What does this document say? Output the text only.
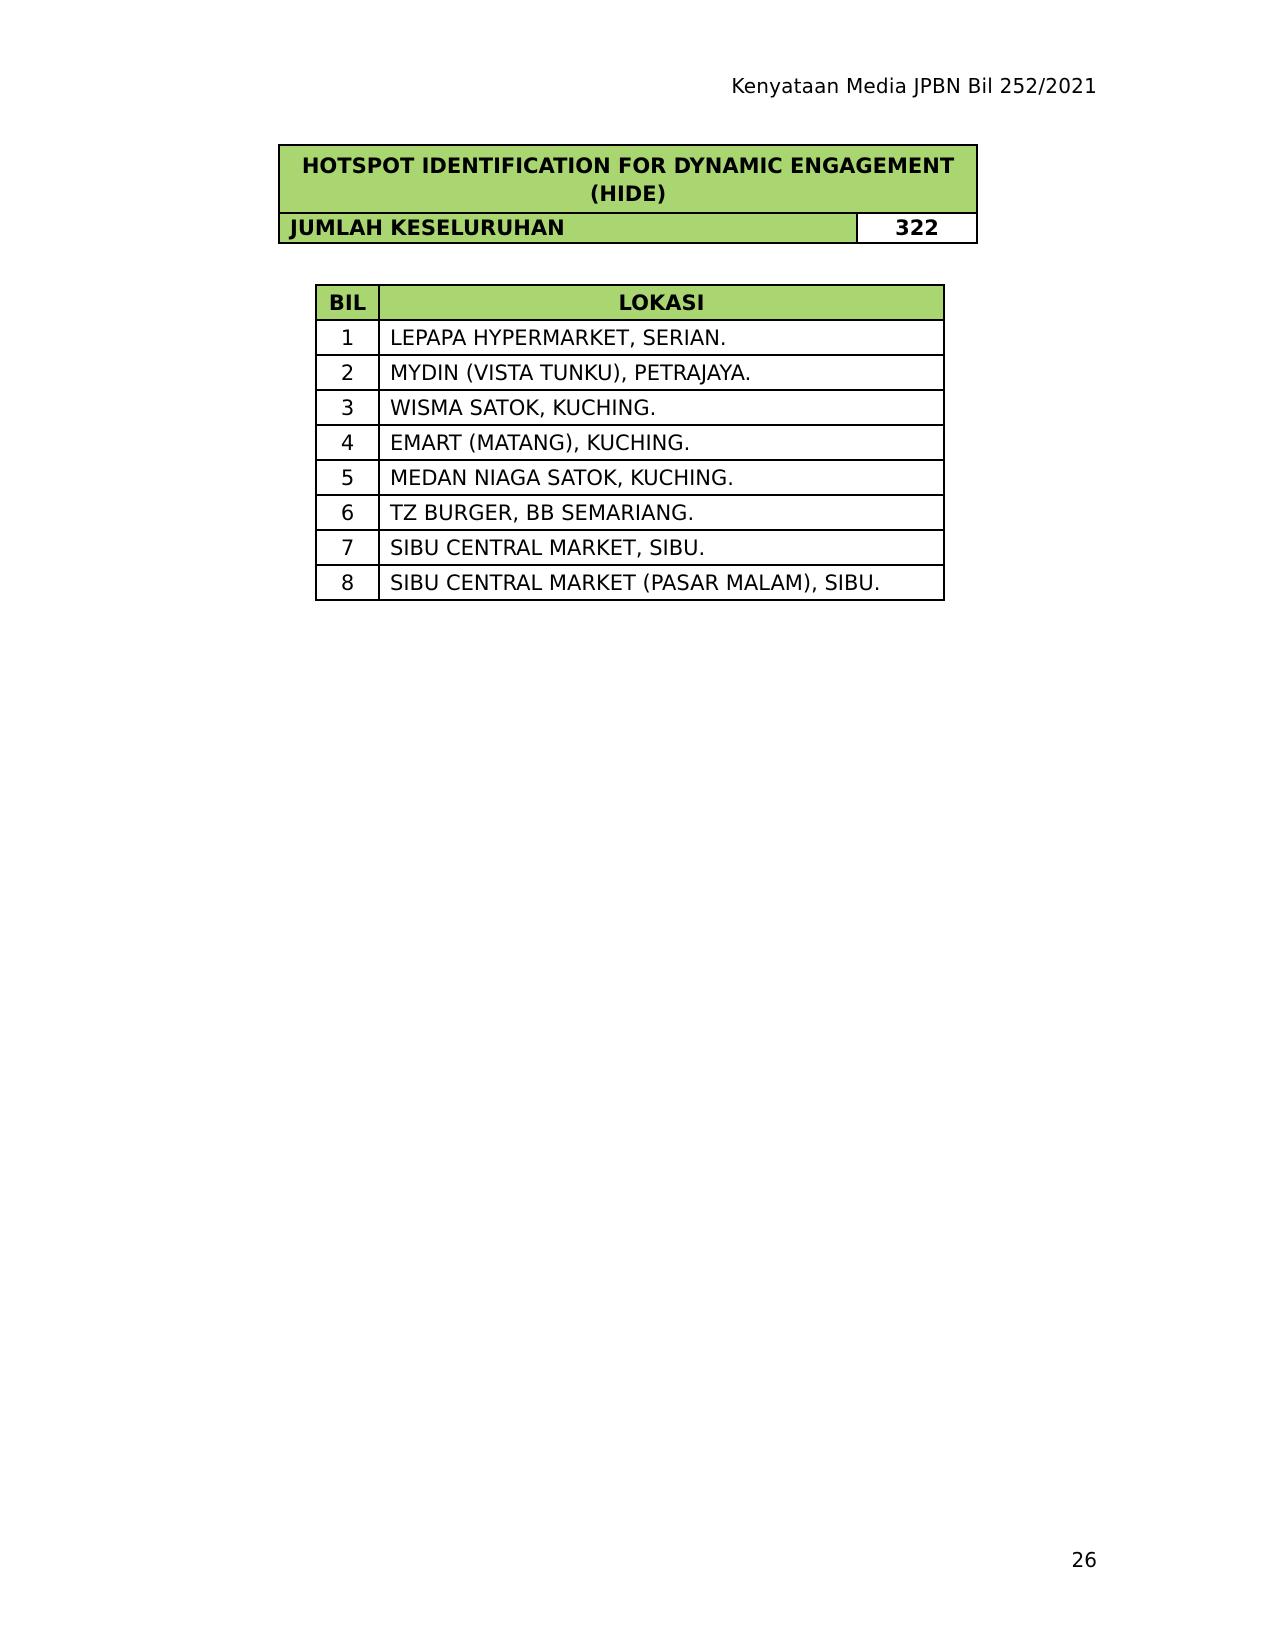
Kenyataan Media JPBN Bil 252/2021
HOTSPOT IDENTIFICATION FOR DYNAMIC ENGAGEMENT (HIDE)
JUMLAH KESELURUHAN	322
BIL	LOKASI
1	LEPAPA HYPERMARKET, SERIAN.
2	MYDIN (VISTA TUNKU), PETRAJAYA.
3	WISMA SATOK, KUCHING.
4	EMART (MATANG), KUCHING.
5	MEDAN NIAGA SATOK, KUCHING.
6	TZ BURGER, BB SEMARIANG.
7	SIBU CENTRAL MARKET, SIBU.
8	SIBU CENTRAL MARKET (PASAR MALAM), SIBU.
26
